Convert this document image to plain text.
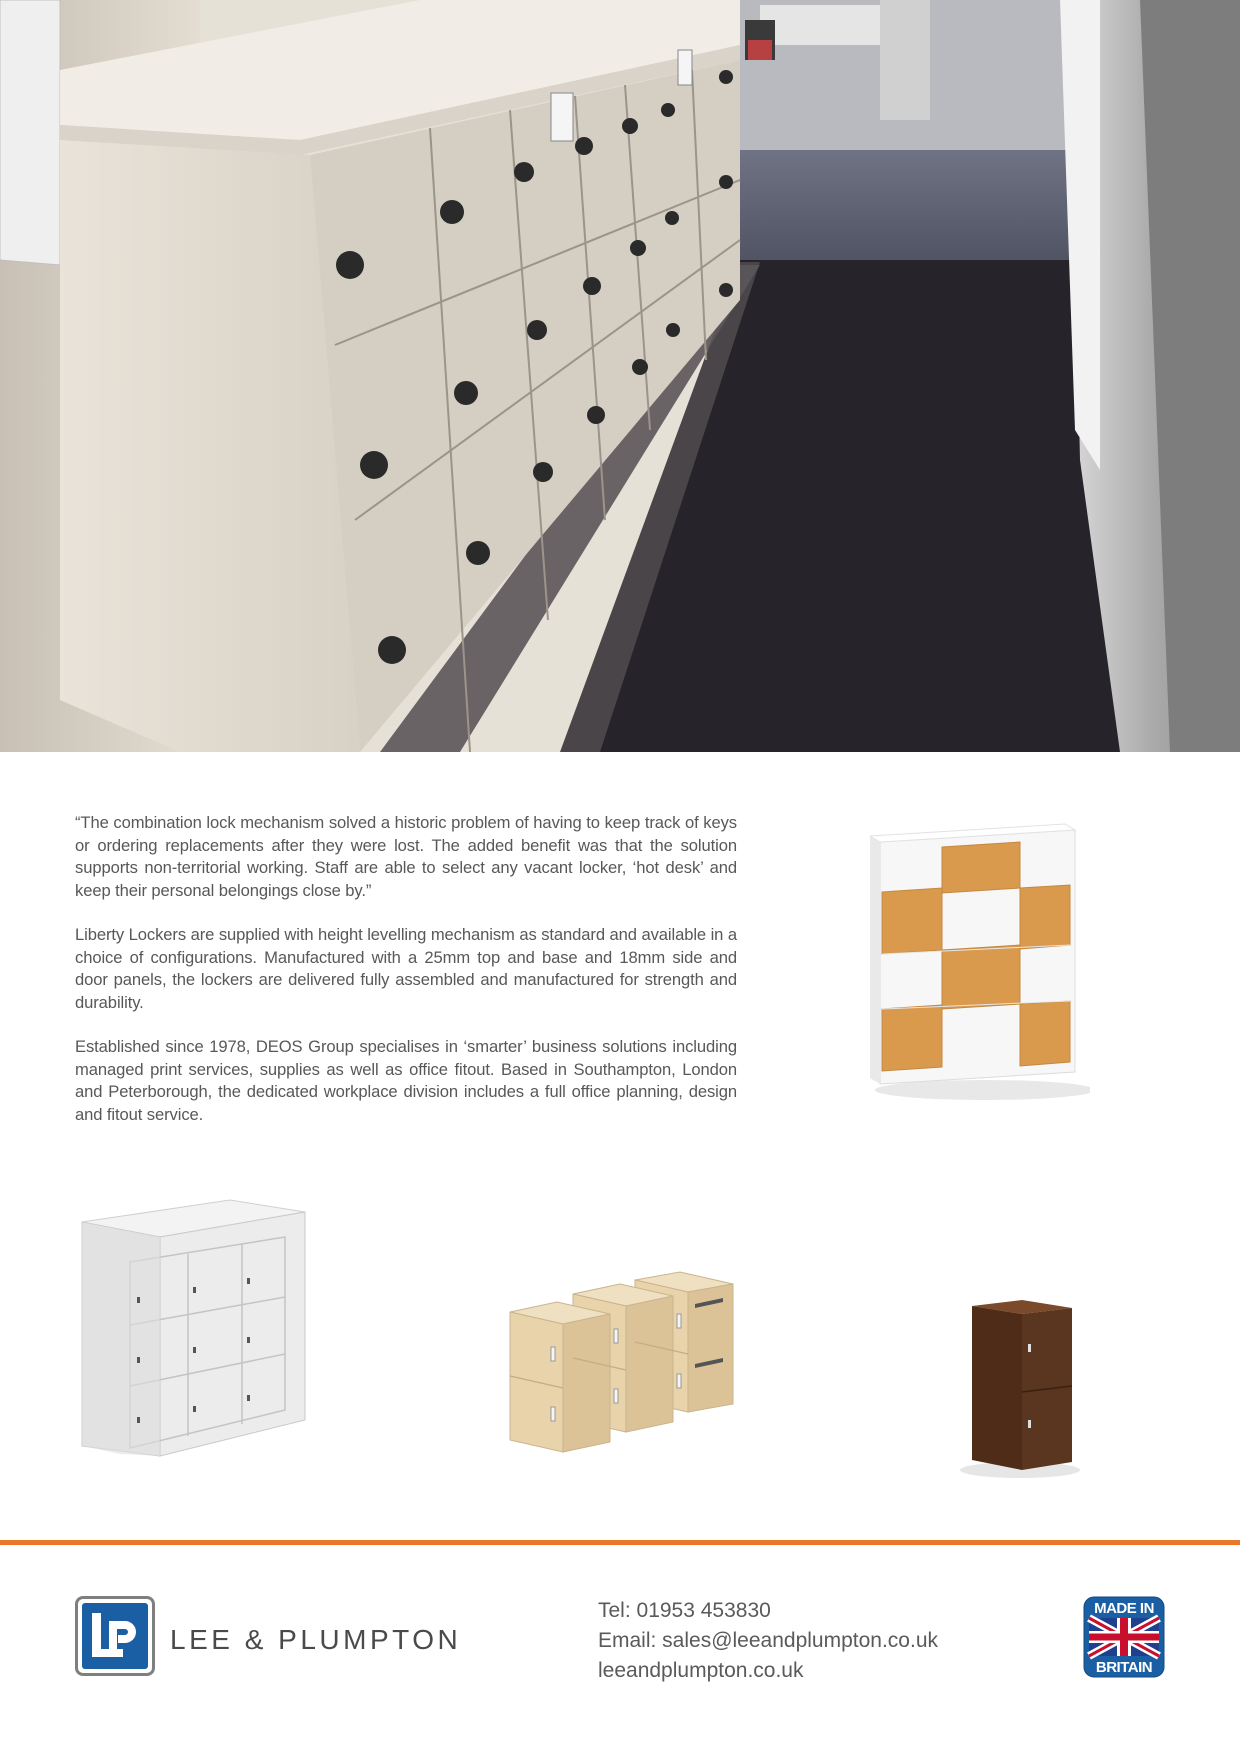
“The combination lock mechanism solved a historic problem of having to keep track of keys or ordering replacements after they were lost. The added benefit was that the solution supports non-territorial working. Staff are able to select any vacant locker, ‘hot desk’ and keep their personal belongings close by.”

Liberty Lockers are supplied with height levelling mechanism as standard and available in a choice of configurations. Manufactured with a 25mm top and base and 18mm side and door panels, the lockers are delivered fully assembled and manufactured for strength and durability.

Established since 1978, DEOS Group specialises in ‘smarter’ business solutions including managed print services, supplies as well as office fitout. Based in Southampton, London and Peterborough, the dedicated workplace division includes a full office planning, design and fitout service.

LEE & PLUMPTON
Tel: 01953 453830
Email: sales@leeandplumpton.co.uk
leeandplumpton.co.uk
MADE IN
BRITAIN
